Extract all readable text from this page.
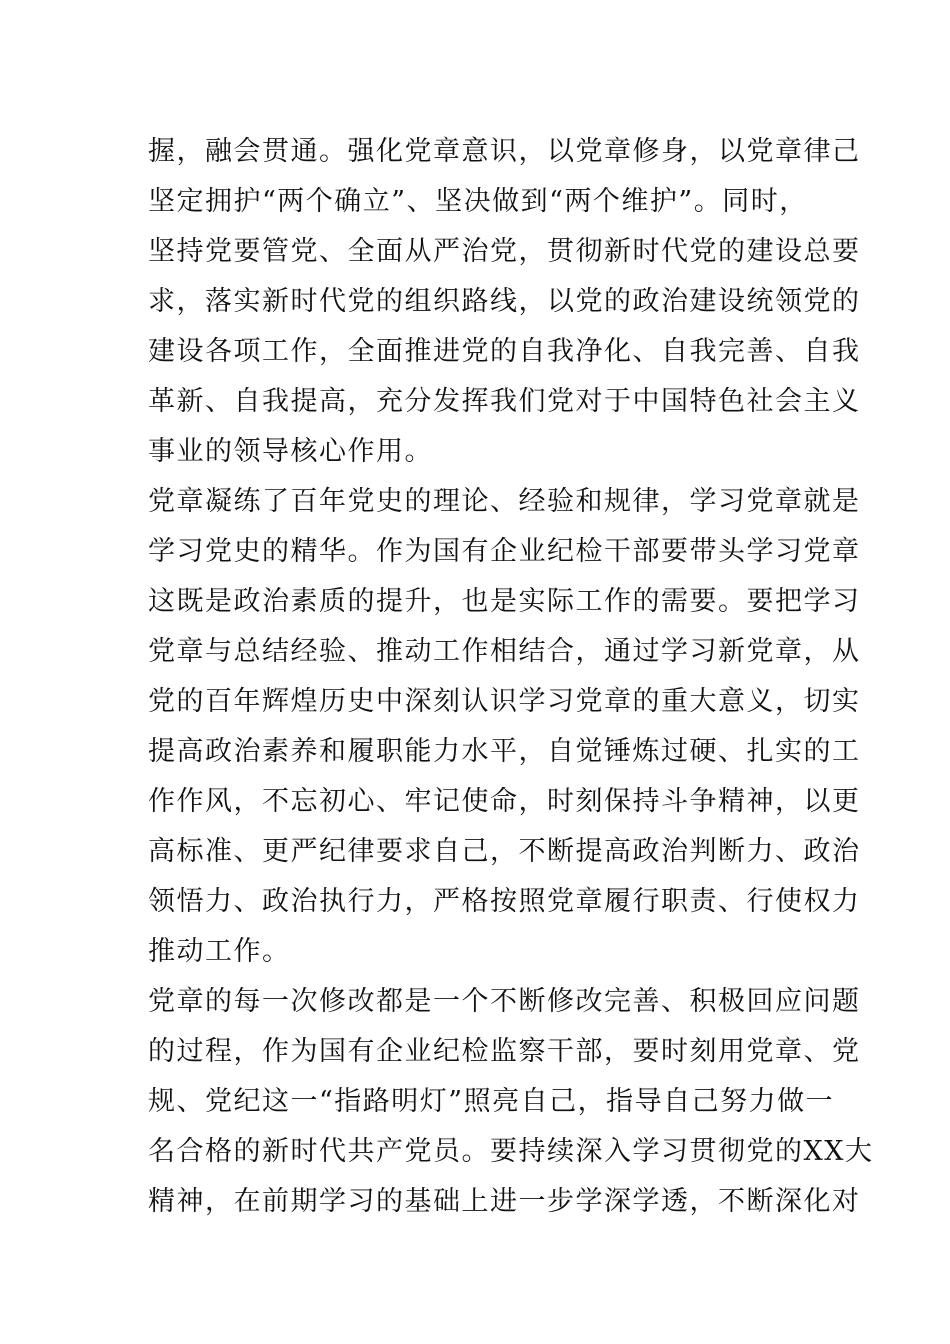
握，融会贯通。强化党章意识，以党章修身，以党章律己
坚定拥护“两个确立”、坚决做到“两个维护”。同时，
坚持党要管党、全面从严治党，贯彻新时代党的建设总要
求，落实新时代党的组织路线，以党的政治建设统领党的
建设各项工作，全面推进党的自我净化、自我完善、自我
革新、自我提高，充分发挥我们党对于中国特色社会主义
事业的领导核心作用。
党章凝练了百年党史的理论、经验和规律，学习党章就是
学习党史的精华。作为国有企业纪检干部要带头学习党章
这既是政治素质的提升，也是实际工作的需要。要把学习
党章与总结经验、推动工作相结合，通过学习新党章，从
党的百年辉煌历史中深刻认识学习党章的重大意义，切实
提高政治素养和履职能力水平，自觉锤炼过硬、扎实的工
作作风，不忘初心、牢记使命，时刻保持斗争精神，以更
高标准、更严纪律要求自己，不断提高政治判断力、政治
领悟力、政治执行力，严格按照党章履行职责、行使权力
推动工作。
党章的每一次修改都是一个不断修改完善、积极回应问题
的过程，作为国有企业纪检监察干部，要时刻用党章、党
规、党纪这一“指路明灯”照亮自己，指导自己努力做一
名合格的新时代共产党员。要持续深入学习贯彻党的XX大
精神，在前期学习的基础上进一步学深学透，不断深化对
